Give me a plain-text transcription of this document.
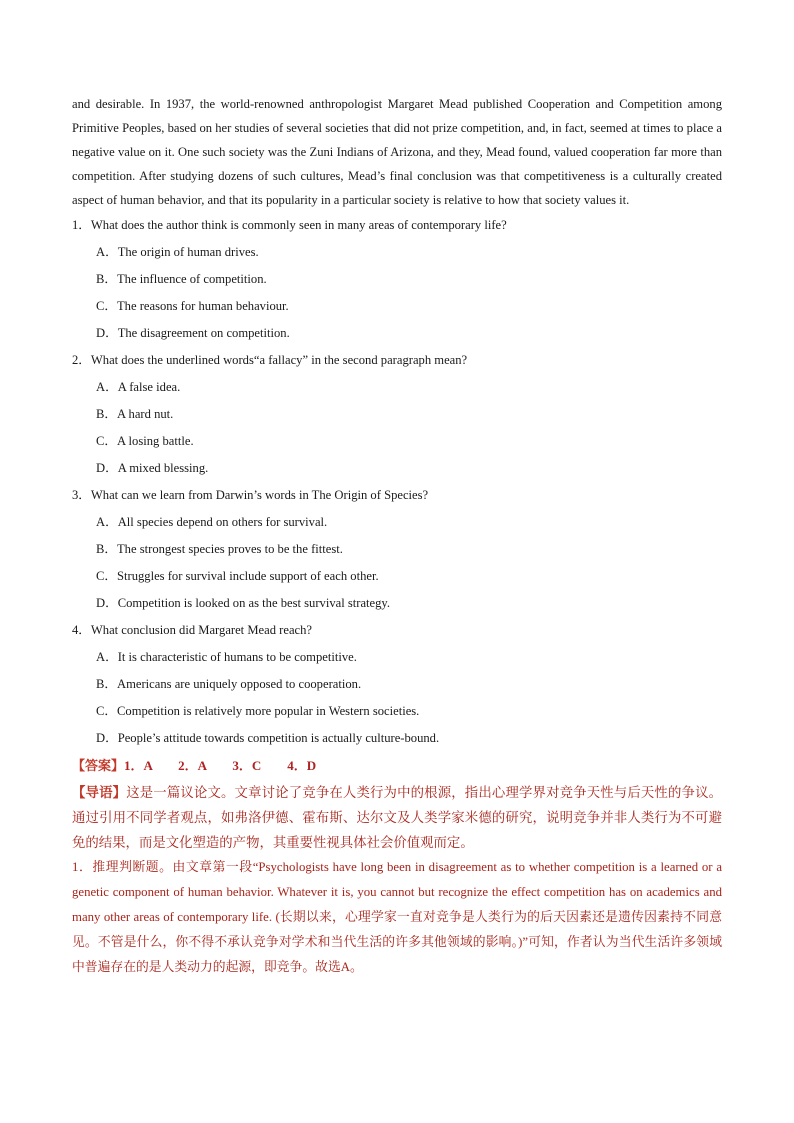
and desirable. In 1937, the world-renowned anthropologist Margaret Mead published Cooperation and Competition among Primitive Peoples, based on her studies of several societies that did not prize competition, and, in fact, seemed at times to place a negative value on it. One such society was the Zuni Indians of Arizona, and they, Mead found, valued cooperation far more than competition. After studying dozens of such cultures, Mead’s final conclusion was that competitiveness is a culturally created aspect of human behavior, and that its popularity in a particular society is relative to how that society values it.

1．What does the author think is commonly seen in many areas of contemporary life?

A．The origin of human drives.

B．The influence of competition.

C．The reasons for human behaviour.

D．The disagreement on competition.

2．What does the underlined words“a fallacy” in the second paragraph mean?

A．A false idea.

B．A hard nut.

C．A losing battle.

D．A mixed blessing.

3．What can we learn from Darwin’s words in The Origin of Species?

A．All species depend on others for survival.

B．The strongest species proves to be the fittest.

C．Struggles for survival include support of each other.

D．Competition is looked on as the best survival strategy.

4．What conclusion did Margaret Mead reach?

A．It is characteristic of humans to be competitive.

B．Americans are uniquely opposed to cooperation.

C．Competition is relatively more popular in Western societies.

D．People’s attitude towards competition is actually culture-bound.

【答案】1．A　　2．A　　3．C　　4．D

【导语】这是一篇议论文。文章讨论了竞争在人类行为中的根源，指出心理学界对竞争天性与后天性的争议。通过引用不同学者观点，如弗洛伊德、霍布斯、达尔文及人类学家米德的研究，说明竞争并非人类行为不可避免的结果，而是文化塑造的产物，其重要性视具体社会价值观而定。

1．推理判断题。由文章第一段“Psychologists have long been in disagreement as to whether competition is a learned or a genetic component of human behavior. Whatever it is, you cannot but recognize the effect competition has on academics and many other areas of contemporary life. (长期以来，心理学家一直对竞争是人类行为的后天因素还是遗传因素持不同意见。不管是什么，你不得不承认竞争对学术和当代生活的许多其他领域的影响。)”可知，作者认为当代生活许多领域中普遍存在的是人类动力的起源，即竞争。故选A。
